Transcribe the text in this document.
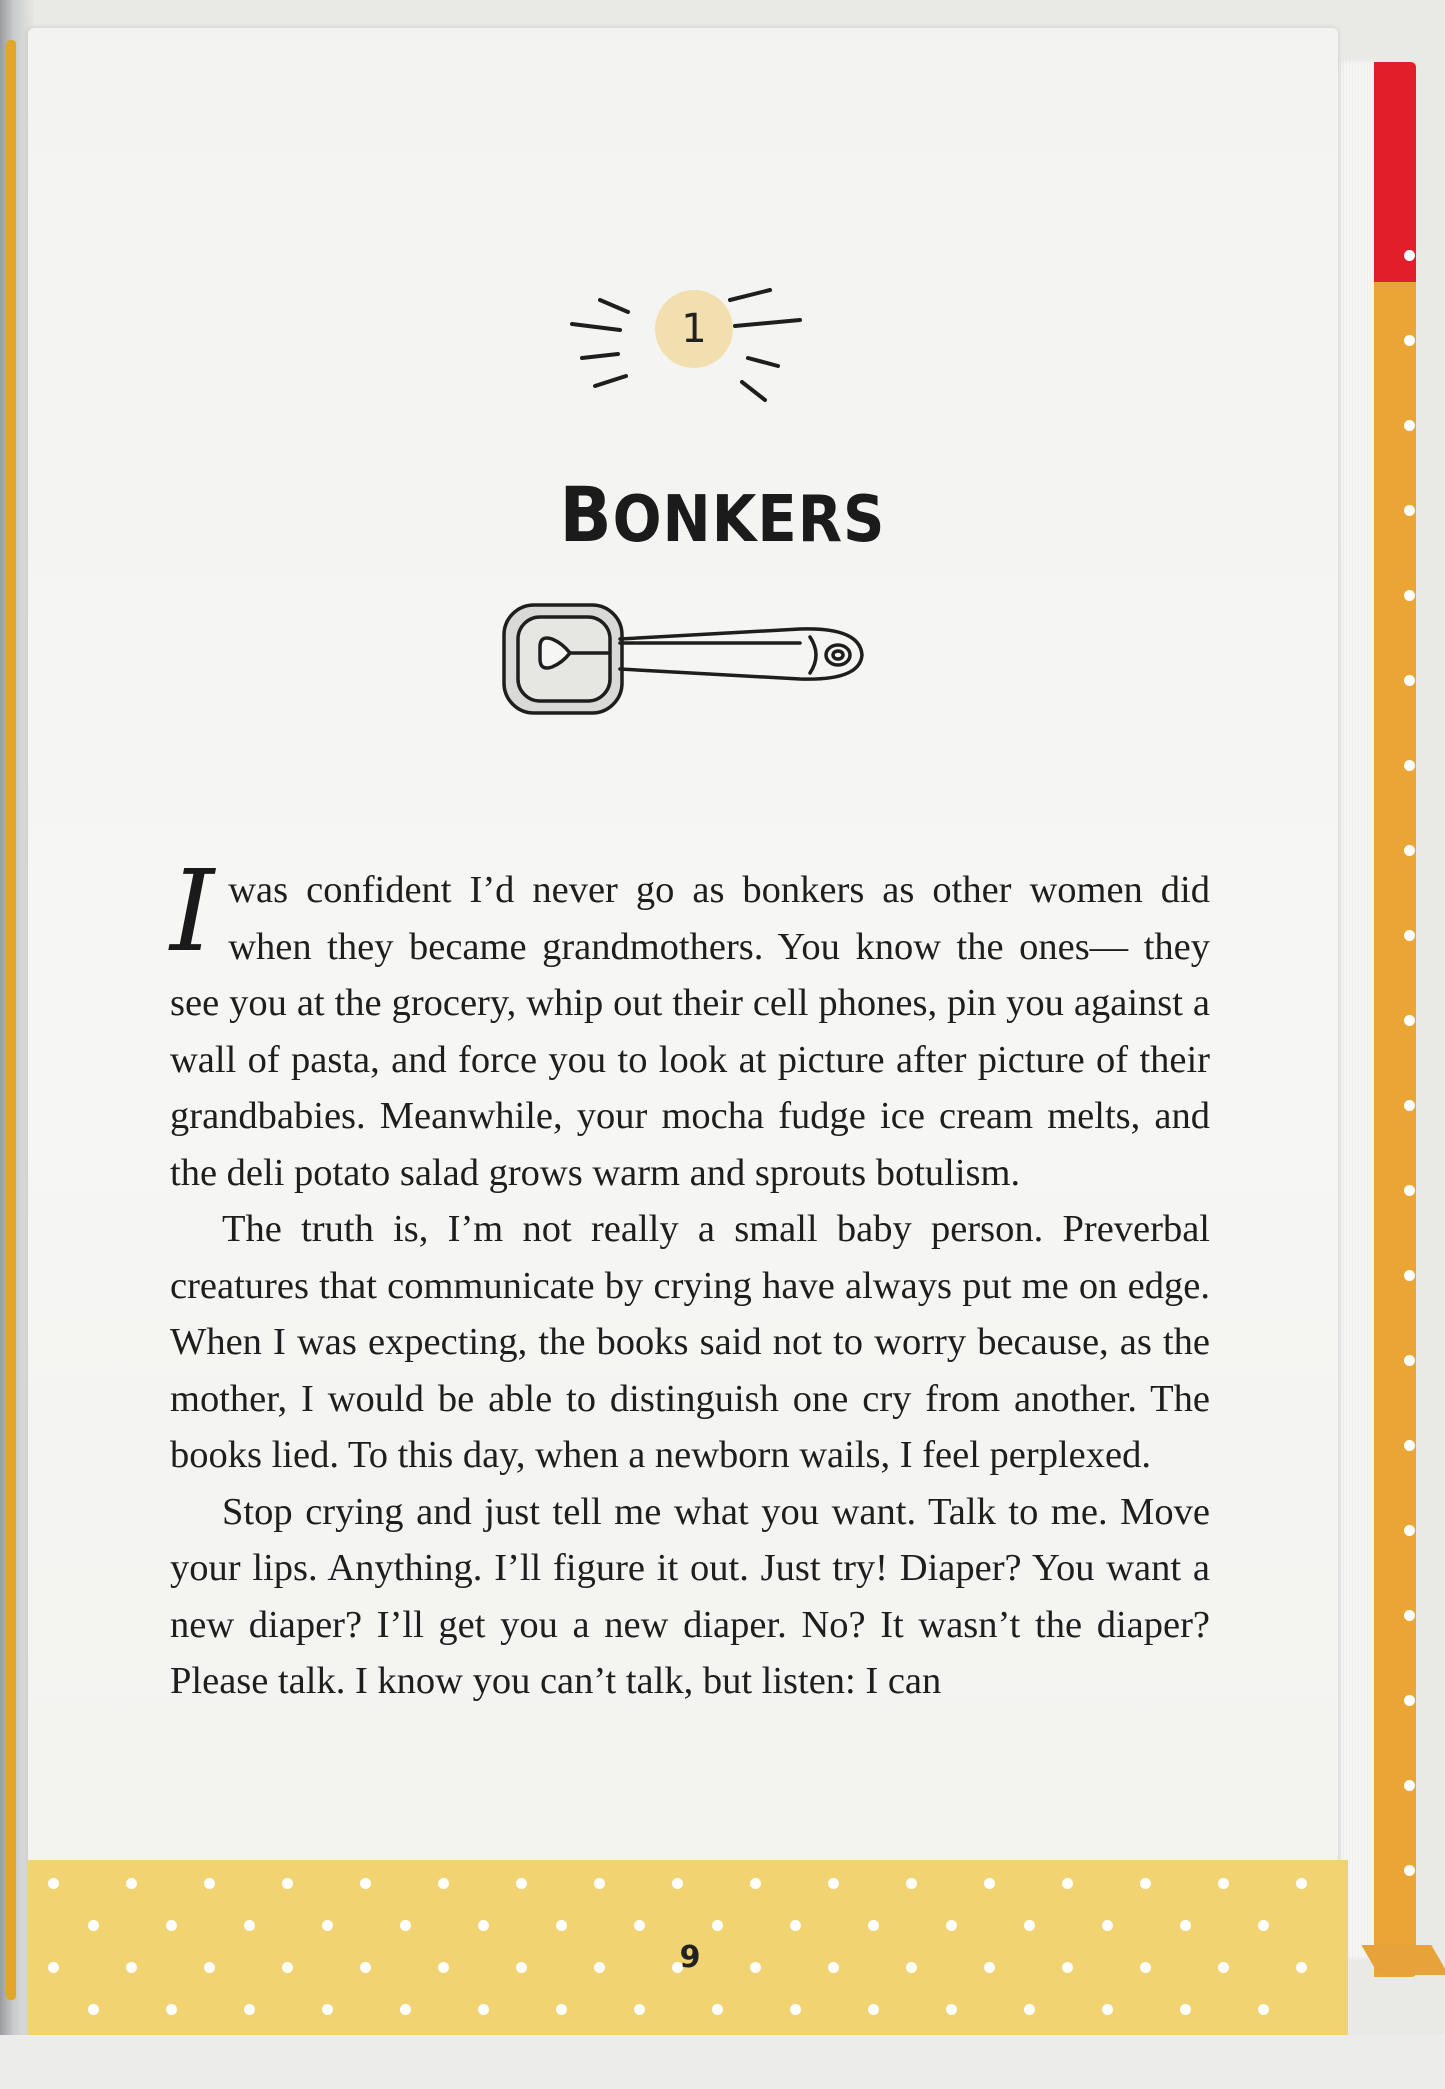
1
BONKERS

Iwas confident I’d never go as bonkers as other women did when they became grandmothers. You know the ones— they see you at the grocery, whip out their cell phones, pin you against a wall of pasta, and force you to look at picture after picture of their grandbabies. Meanwhile, your mocha fudge ice cream melts, and the deli potato salad grows warm and sprouts botulism.

The truth is, I’m not really a small baby person. Preverbal creatures that communicate by crying have always put me on edge. When I was expecting, the books said not to worry because, as the mother, I would be able to distinguish one cry from another. The books lied. To this day, when a newborn wails, I feel perplexed.

Stop crying and just tell me what you want. Talk to me. Move your lips. Anything. I’ll figure it out. Just try! Diaper? You want a new diaper? I’ll get you a new diaper. No? It wasn’t the diaper? Please talk. I know you can’t talk, but listen: I can

9
